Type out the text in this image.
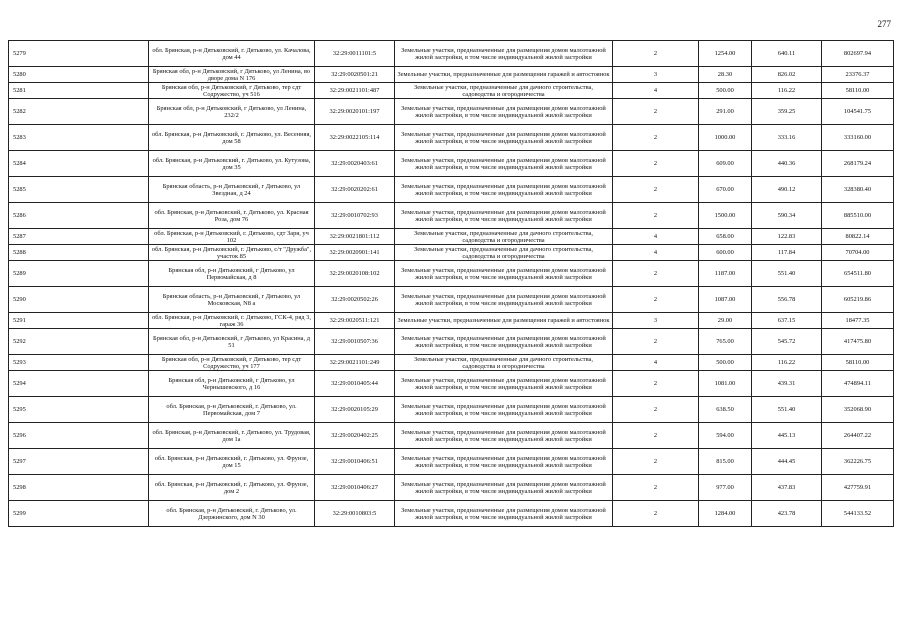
277
5279	обл. Брянская, р-н Дятьковский, г. Дятьково, ул. Качалова, дом 44	32:29:0011101:5	Земельные участки, предназначенные для размещения домов малоэтажной жилой застройки, в том числе индивидуальной жилой застройки	2	1254.00	640.11	802697.94
5280	Брянская обл, р-н Дятьковский, г Дятьково, ул Ленина, во дворе дома N 176	32:29:0020501:21	Земельные участки, предназначенные для размещения гаражей и автостоянок	3	28.30	826.02	23376.37
5281	Брянская обл, р-н Дятьковский, г Дятьково, тер сдт Содружество, уч 516	32:29:0021101:487	Земельные участки, предназначенные для дачного строительства, садоводства и огородничества	4	500.00	116.22	58110.00
5282	Брянская обл, р-н Дятьковский, г Дятьково, ул Ленина, 232/2	32:29:0020101:197	Земельные участки, предназначенные для размещения домов малоэтажной жилой застройки, в том числе индивидуальной жилой застройки	2	291.00	359.25	104541.75
5283	обл. Брянская, р-н Дятьковский, г. Дятьково, ул. Весенняя, дом 58	32:29:0022105:114	Земельные участки, предназначенные для размещения домов малоэтажной жилой застройки, в том числе индивидуальной жилой застройки	2	1000.00	333.16	333160.00
5284	обл. Брянская, р-н Дятьковский, г. Дятьково, ул. Кутузова, дом 35	32:29:0020403:61	Земельные участки, предназначенные для размещения домов малоэтажной жилой застройки, в том числе индивидуальной жилой застройки	2	609.00	440.36	268179.24
5285	Брянская область, р-н Дятьковский, г Дятьково, ул Звездная, д 24	32:29:0020202:61	Земельные участки, предназначенные для размещения домов малоэтажной жилой застройки, в том числе индивидуальной жилой застройки	2	670.00	490.12	328380.40
5286	обл. Брянская, р-н Дятьковский, г. Дятьково, ул. Красная Роза, дом 76	32:29:0010702:93	Земельные участки, предназначенные для размещения домов малоэтажной жилой застройки, в том числе индивидуальной жилой застройки	2	1500.00	590.34	885510.00
5287	обл. Брянская, р-н Дятьковский, г. Дятьково, сдт Заря, уч 102	32:29:0021801:112	Земельные участки, предназначенные для дачного строительства, садоводства и огородничества	4	658.00	122.83	80822.14
5288	обл. Брянская, р-н Дятьковский, г. Дятьково, с/т "Дружба", участок 85	32:29:0020901:141	Земельные участки, предназначенные для дачного строительства, садоводства и огородничества	4	600.00	117.84	70704.00
5289	Брянская обл, р-н Дятьковский, г Дятьково, ул Первомайская, д 8	32:29:0020108:102	Земельные участки, предназначенные для размещения домов малоэтажной жилой застройки, в том числе индивидуальной жилой застройки	2	1187.00	551.40	654511.80
5290	Брянская область, р-н Дятьковский, г Дятьково, ул Московская, N8 а	32:29:0020502:26	Земельные участки, предназначенные для размещения домов малоэтажной жилой застройки, в том числе индивидуальной жилой застройки	2	1087.00	556.78	605219.86
5291	обл. Брянская, р-н Дятьковский, г. Дятьково, ГСК-4, ряд 3, гараж 36	32:29:0020511:121	Земельные участки, предназначенные для размещения гаражей и автостоянок	3	29.00	637.15	18477.35
5292	Брянская обл, р-н Дятьковский, г Дятьково, ул Красина, д 51	32:29:0010507:36	Земельные участки, предназначенные для размещения домов малоэтажной жилой застройки, в том числе индивидуальной жилой застройки	2	765.00	545.72	417475.80
5293	Брянская обл, р-н Дятьковский, г Дятьково, тер сдт Содружество, уч 177	32:29:0021101:249	Земельные участки, предназначенные для дачного строительства, садоводства и огородничества	4	500.00	116.22	58110.00
5294	Брянская обл, р-н Дятьковский, г Дятьково, ул Чернышевского, д 16	32:29:0010405:44	Земельные участки, предназначенные для размещения домов малоэтажной жилой застройки, в том числе индивидуальной жилой застройки	2	1081.00	439.31	474894.11
5295	обл. Брянская, р-н Дятьковский, г. Дятьково, ул. Первомайская, дом 7	32:29:0020105:29	Земельные участки, предназначенные для размещения домов малоэтажной жилой застройки, в том числе индивидуальной жилой застройки	2	638.50	551.40	352068.90
5296	обл. Брянская, р-н Дятьковский, г. Дятьково, ул. Трудовая, дом 1а	32:29:0020402:25	Земельные участки, предназначенные для размещения домов малоэтажной жилой застройки, в том числе индивидуальной жилой застройки	2	594.00	445.13	264407.22
5297	обл. Брянская, р-н Дятьковский, г. Дятьково, ул. Фрунзе, дом 15	32:29:0010406:51	Земельные участки, предназначенные для размещения домов малоэтажной жилой застройки, в том числе индивидуальной жилой застройки	2	815.00	444.45	362226.75
5298	обл. Брянская, р-н Дятьковский, г. Дятьково, ул. Фрунзе, дом 2	32:29:0010406:27	Земельные участки, предназначенные для размещения домов малоэтажной жилой застройки, в том числе индивидуальной жилой застройки	2	977.00	437.83	427759.91
5299	обл. Брянская, р-н Дятьковский, г. Дятьково, ул. Дзержинского, дом N 30	32:29:0010803:5	Земельные участки, предназначенные для размещения домов малоэтажной жилой застройки, в том числе индивидуальной жилой застройки	2	1284.00	423.78	544133.52
